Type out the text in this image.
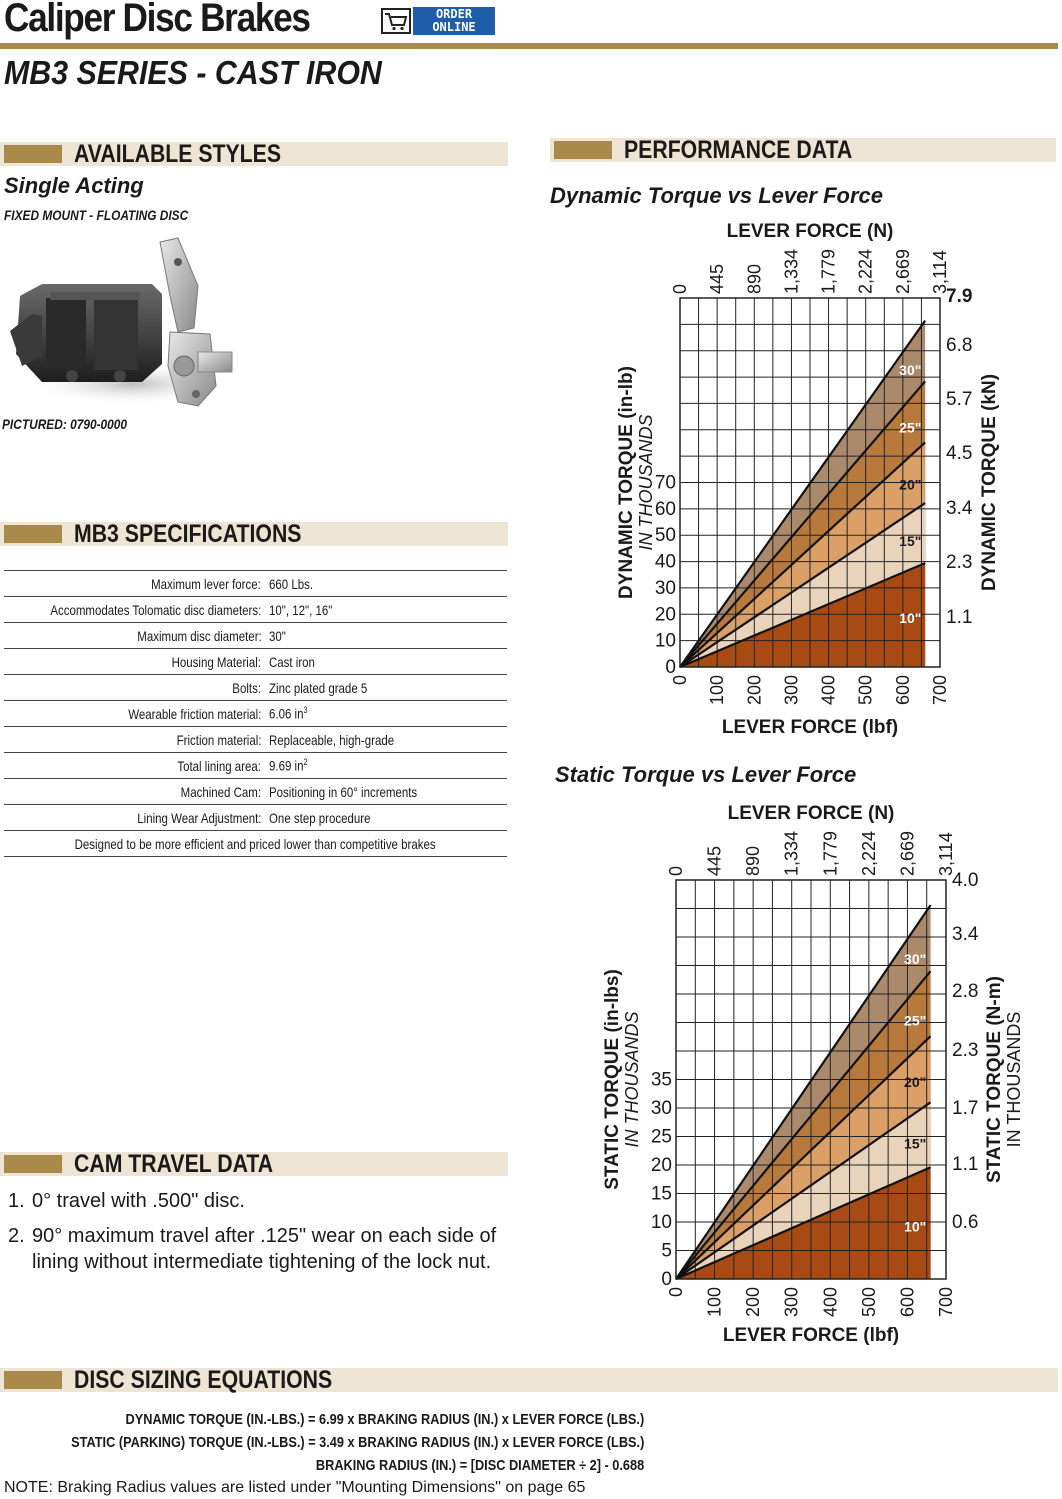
Caliper Disc Brakes	ORDER
ONLINE
MB3 SERIES - CAST IRON
AVAILABLE STYLES
Single Acting
FIXED MOUNT - FLOATING DISC
PICTURED: 0790-0000
MB3 SPECIFICATIONS
Maximum lever force:	660 Lbs.
Accommodates Tolomatic disc diameters:	10", 12", 16"
Maximum disc diameter:	30"
Housing Material:	Cast iron
Bolts:	Zinc plated grade 5
Wearable friction material:	6.06 $in^3$
Friction material:	Replaceable, high-grade
Total lining area:	9.69 $in^2$
Machined Cam:	Positioning in 60° increments
Lining Wear Adjustment:	One step procedure
Designed to be more efficient and priced lower than competitive brakes	
CAM TRAVEL DATA
1. 0° travel with .500" disc.
2. 90° maximum travel after .125" wear on each side of lining without intermediate tightening of the lock nut.
PERFORMANCE DATA
Dynamic Torque vs Lever Force
10"
15"
20"
25"
30"
0
10
20
30
40
50
60
70
1.1
2.3
3.4
4.5
5.7
6.8
7.9
0 100 200 300 400 500 600 700
0 445 890 1,334 1,779 2,224 2,669 3,114
LEVER FORCE (lbf)
LEVER FORCE (N)
DYNAMIC TORQUE (in-lb) IN THOUSANDS	DYNAMIC TORQUE (kN)
Static Torque vs Lever Force
10"
15"
20"
25"
30"
0
5
10
15
20
25
30
35
0.6
1.1
1.7
2.3
2.8
3.4
4.0
0 100 200 300 400 500 600 700
0 445 890 1,334 1,779 2,224 2,669 3,114
LEVER FORCE (lbf)
LEVER FORCE (N)
STATIC TORQUE (in-lbs) IN THOUSANDS	STATIC TORQUE (N-m) IN THOUSANDS
DISC SIZING EQUATIONS
DYNAMIC TORQUE (IN.-LBS.) = 6.99 x BRAKING RADIUS (IN.) x LEVER FORCE (LBS.)
STATIC (PARKING) TORQUE (IN.-LBS.) = 3.49 x BRAKING RADIUS (IN.) x LEVER FORCE (LBS.)
BRAKING RADIUS (IN.) = [DISC DIAMETER ÷ 2] - 0.688
NOTE: Braking Radius values are listed under "Mounting Dimensions" on page 65
